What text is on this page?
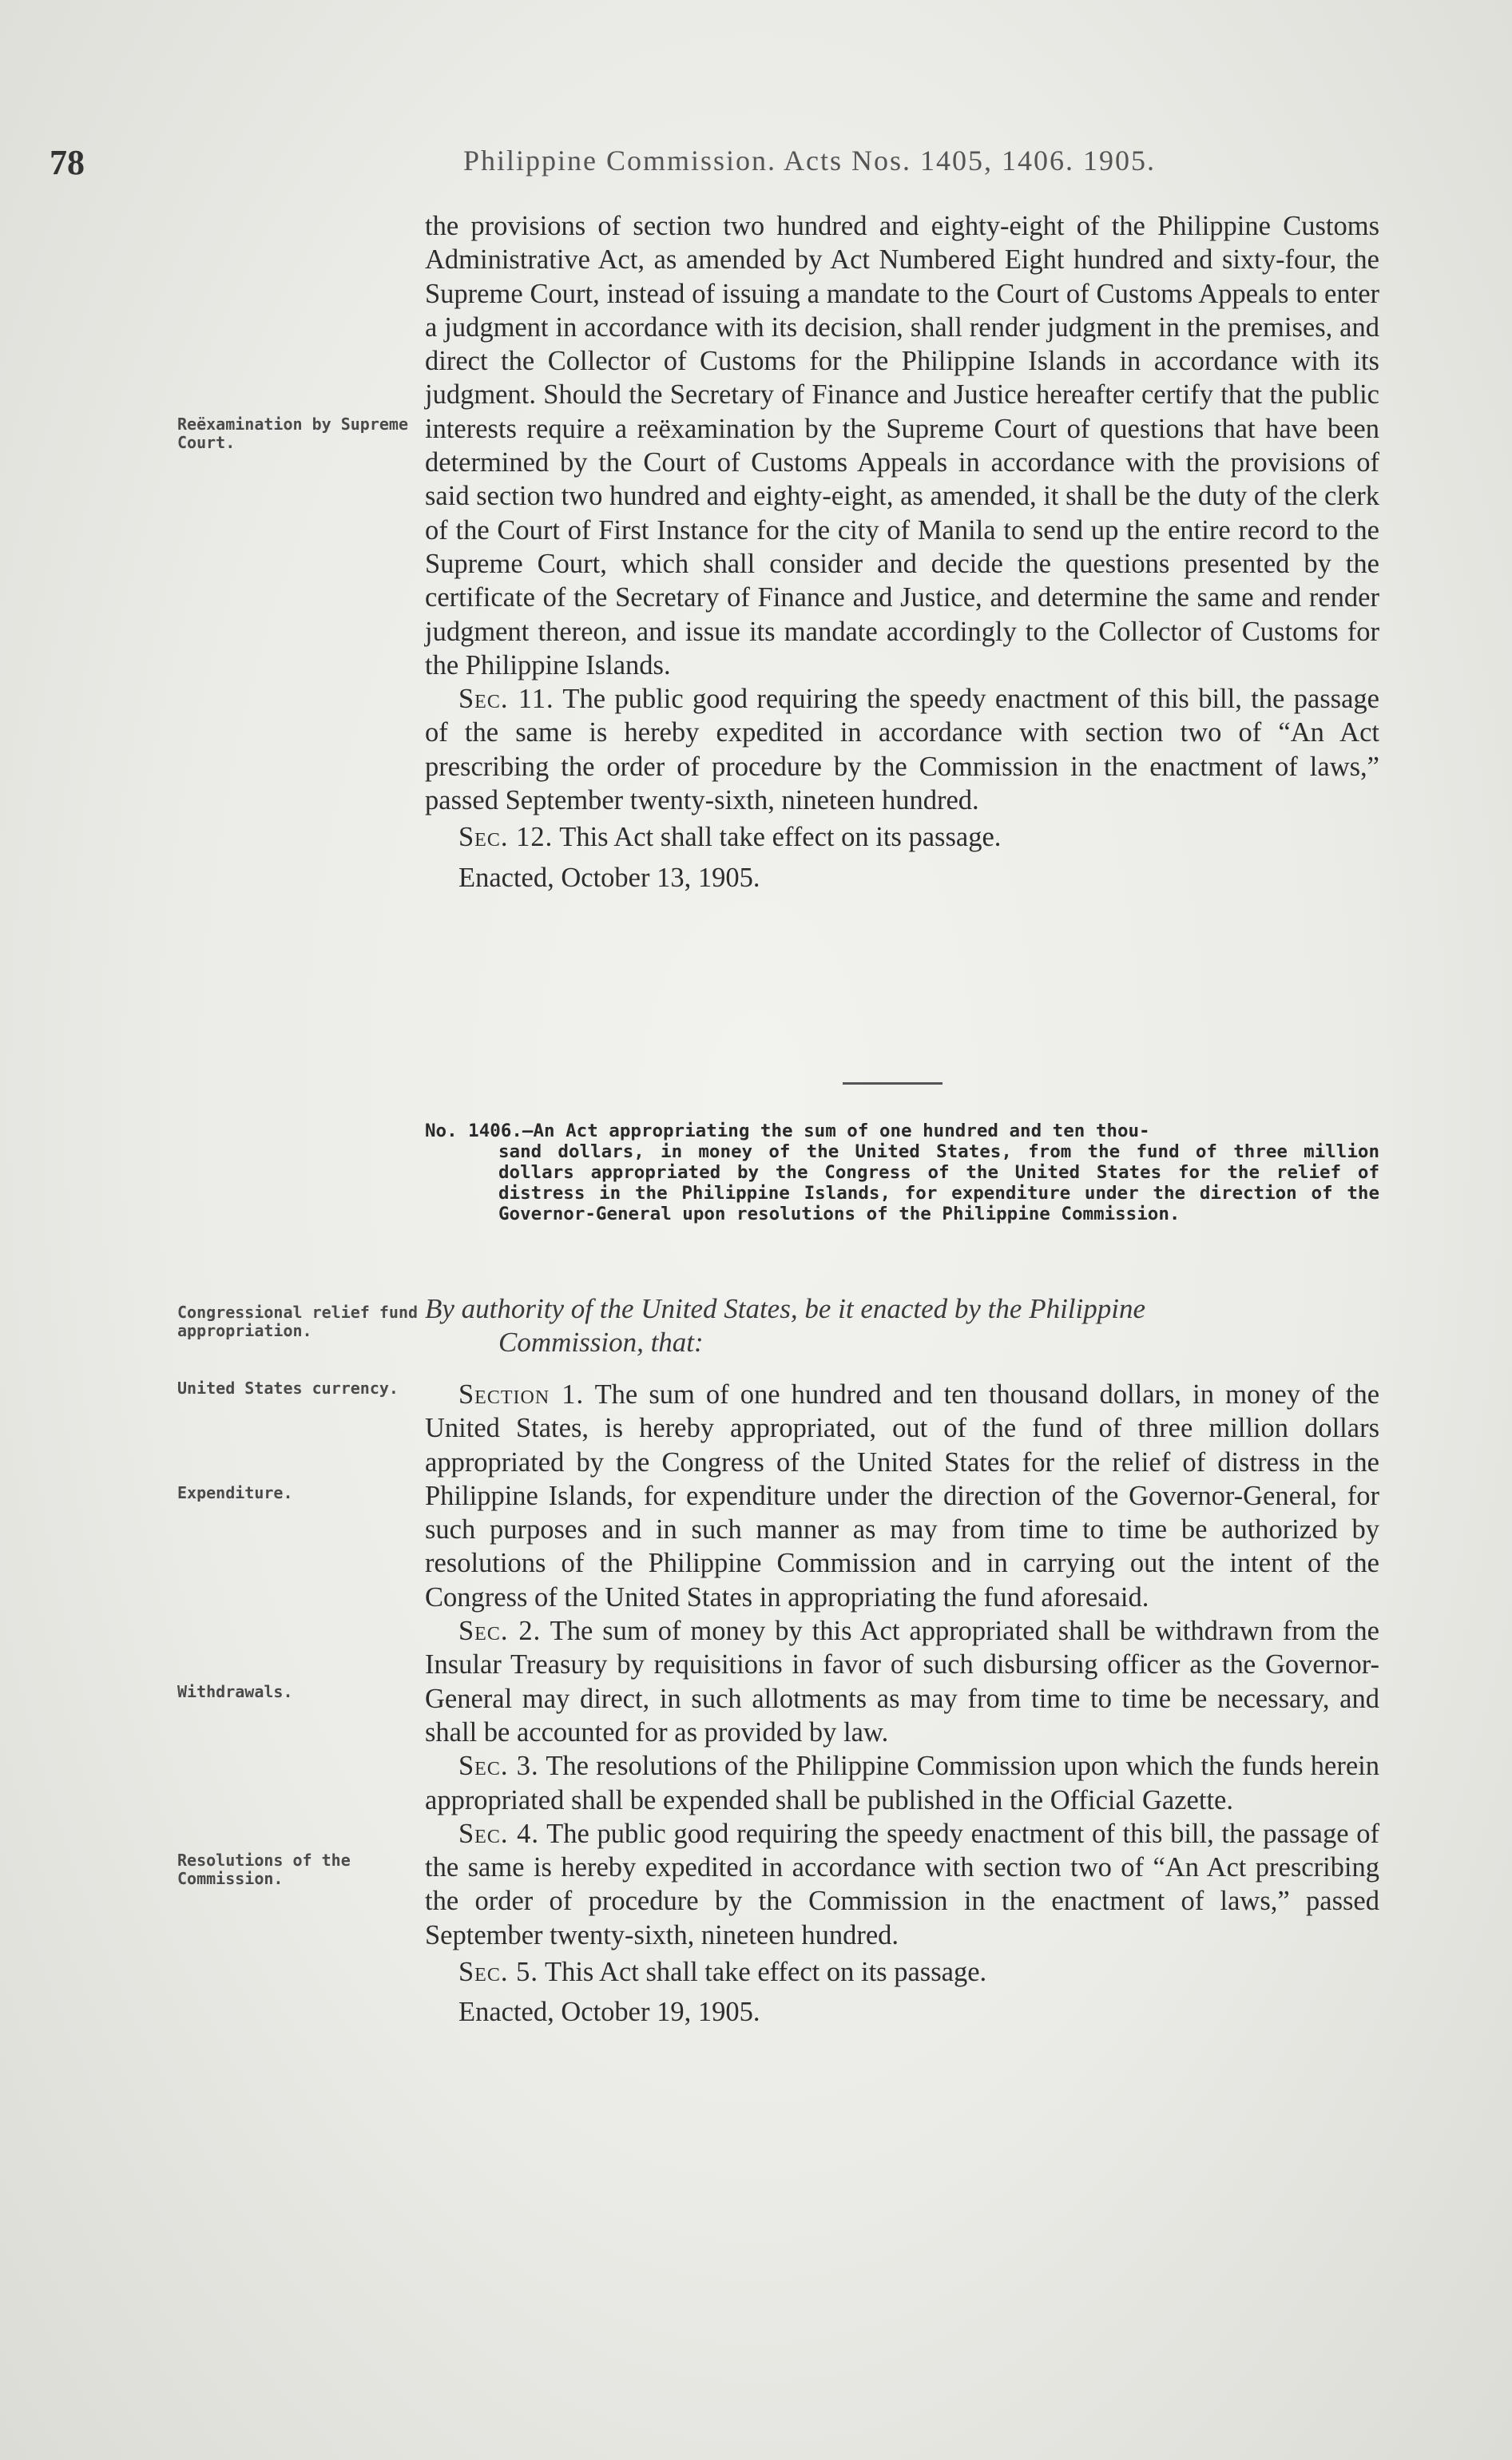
78	Philippine Commission. Acts Nos. 1405, 1406. 1905.

the provisions of section two hundred and eighty-eight of the Philippine Customs Administrative Act, as amended by Act Numbered Eight hundred and sixty-four, the Supreme Court, instead of issuing a mandate to the Court of Customs Appeals to enter a judgment in accordance with its decision, shall render judgment in the premises, and direct the Collector of Customs for the Philippine Islands in accordance with its judgment. Should the Secretary of Finance and Justice hereafter certify that the public interests require a reëxamination by the Supreme Court of questions that have been determined by the Court of Customs Appeals in accordance with the provisions of said section two hundred and eighty-eight, as amended, it shall be the duty of the clerk of the Court of First Instance for the city of Manila to send up the entire record to the Supreme Court, which shall consider and decide the questions presented by the certificate of the Secretary of Finance and Justice, and determine the same and render judgment thereon, and issue its mandate accordingly to the Collector of Customs for the Philippine Islands.

Sec. 11. The public good requiring the speedy enactment of this bill, the passage of the same is hereby expedited in accordance with section two of “An Act prescribing the order of procedure by the Commission in the enactment of laws,” passed September twenty-sixth, nineteen hundred.

Sec. 12. This Act shall take effect on its passage.

Enacted, October 13, 1905.

No. 1406.—An Act appropriating the sum of one hundred and ten thou-
sand dollars, in money of the United States, from the fund of three million dollars appropriated by the Congress of the United States for the relief of distress in the Philippine Islands, for expenditure under the direction of the Governor-General upon resolutions of the Philippine Commission.
By authority of the United States, be it enacted by the Philippine
Commission, that:

Section 1. The sum of one hundred and ten thousand dollars, in money of the United States, is hereby appropriated, out of the fund of three million dollars appropriated by the Congress of the United States for the relief of distress in the Philippine Islands, for expenditure under the direction of the Governor-General, for such purposes and in such manner as may from time to time be authorized by resolutions of the Philippine Commission and in carrying out the intent of the Congress of the United States in appropriating the fund aforesaid.

Sec. 2. The sum of money by this Act appropriated shall be withdrawn from the Insular Treasury by requisitions in favor of such disbursing officer as the Governor-General may direct, in such allotments as may from time to time be necessary, and shall be accounted for as provided by law.

Sec. 3. The resolutions of the Philippine Commission upon which the funds herein appropriated shall be expended shall be published in the Official Gazette.

Sec. 4. The public good requiring the speedy enactment of this bill, the passage of the same is hereby expedited in accordance with section two of “An Act prescribing the order of procedure by the Commission in the enactment of laws,” passed September twenty-sixth, nineteen hundred.

Sec. 5. This Act shall take effect on its passage.

Enacted, October 19, 1905.

Reëxamination by Supreme Court.
Congressional relief fund appropriation.
United States currency.
Expenditure.
Withdrawals.
Resolutions of the Commission.
